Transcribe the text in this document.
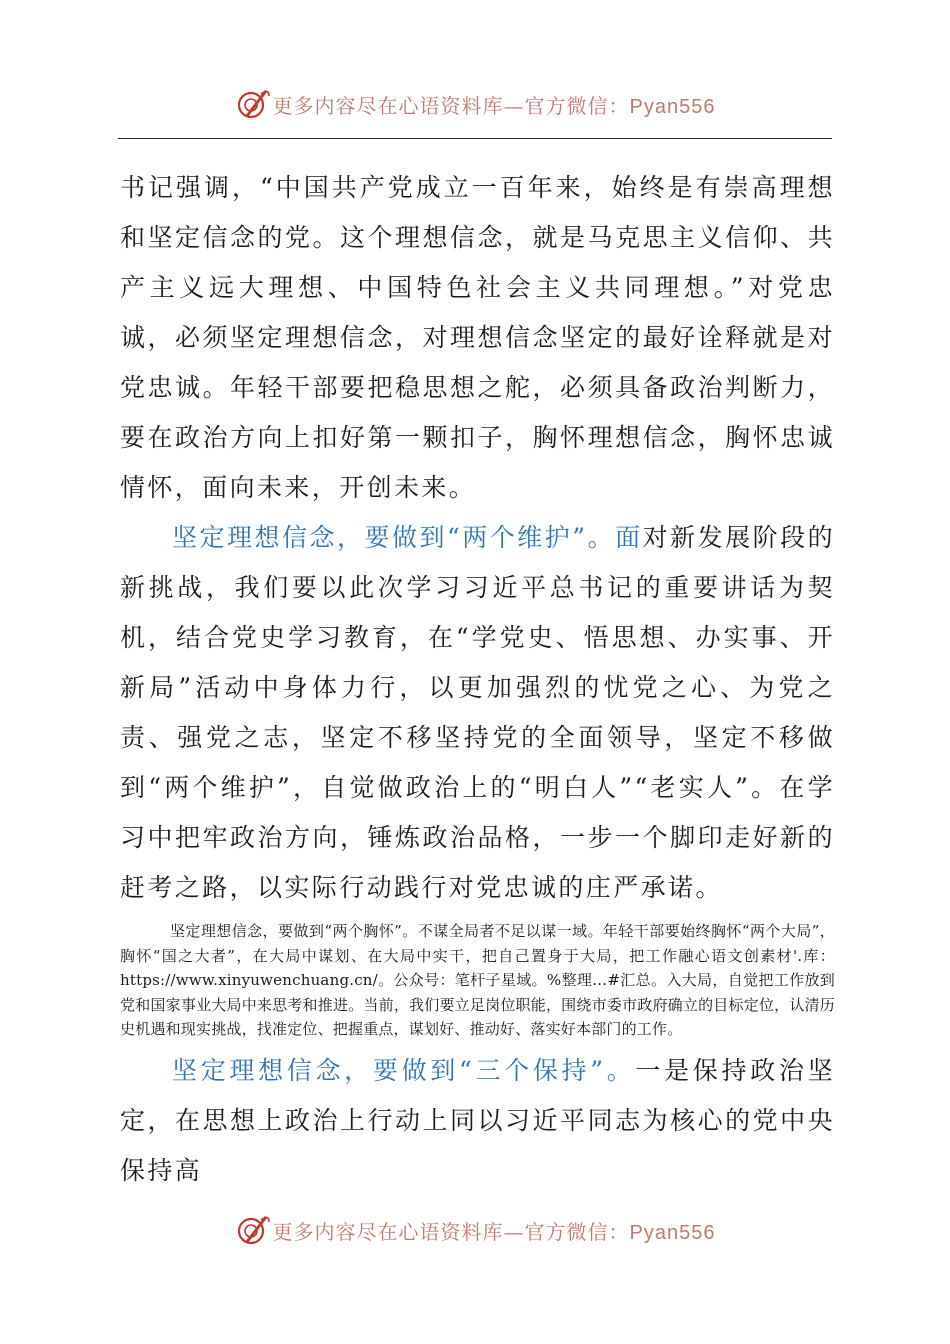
更多内容尽在心语资料库—官方微信：Pyan556

书记强调，“中国共产党成立一百年来，始终是有崇高理想和坚定信念的党。这个理想信念，就是马克思主义信仰、共产主义远大理想、中国特色社会主义共同理想。”对党忠诚，必须坚定理想信念，对理想信念坚定的最好诠释就是对党忠诚。年轻干部要把稳思想之舵，必须具备政治判断力，要在政治方向上扣好第一颗扣子，胸怀理想信念，胸怀忠诚情怀，面向未来，开创未来。

坚定理想信念，要做到“两个维护”。面对新发展阶段的新挑战，我们要以此次学习习近平总书记的重要讲话为契机，结合党史学习教育，在“学党史、悟思想、办实事、开新局”活动中身体力行，以更加强烈的忧党之心、为党之责、强党之志，坚定不移坚持党的全面领导，坚定不移做到“两个维护”，自觉做政治上的“明白人”“老实人”。在学习中把牢政治方向，锤炼政治品格，一步一个脚印走好新的赶考之路，以实际行动践行对党忠诚的庄严承诺。

坚定理想信念，要做到“两个胸怀”。不谋全局者不足以谋一域。年轻干部要始终胸怀“两个大局”，胸怀“国之大者”，在大局中谋划、在大局中实干，把自己置身于大局，把工作融心语文创素材'.库：https://www.xinyuwenchuang.cn/。公众号：笔杆子星域。%整理…#汇总。入大局，自觉把工作放到党和国家事业大局中来思考和推进。当前，我们要立足岗位职能，围绕市委市政府确立的目标定位，认清历史机遇和现实挑战，找准定位、把握重点，谋划好、推动好、落实好本部门的工作。

坚定理想信念，要做到“三个保持”。一是保持政治坚定，在思想上政治上行动上同以习近平同志为核心的党中央保持高

更多内容尽在心语资料库—官方微信：Pyan556
